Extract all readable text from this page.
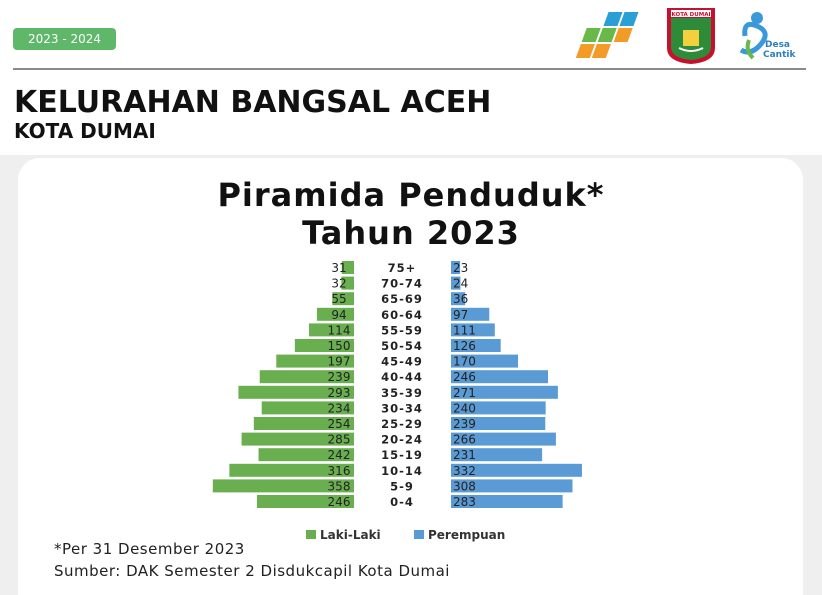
2023 - 2024
KOTA DUMAI
Desa
Cantik
KELURAHAN BANGSAL ACEH
KOTA DUMAI
Piramida Penduduk*
Tahun 2023
31
32
55
94
114
150
197
239
293
234
254
285
242
316
358
246
23
24
36
97
111
126
170
246
271
240
239
266
231
332
308
283
75+
70-74
65-69
60-64
55-59
50-54
45-49
40-44
35-39
30-34
25-29
20-24
15-19
10-14
5-9
0-4
Laki-Laki	Perempuan
*Per 31 Desember 2023
Sumber: DAK Semester 2 Disdukcapil Kota Dumai
